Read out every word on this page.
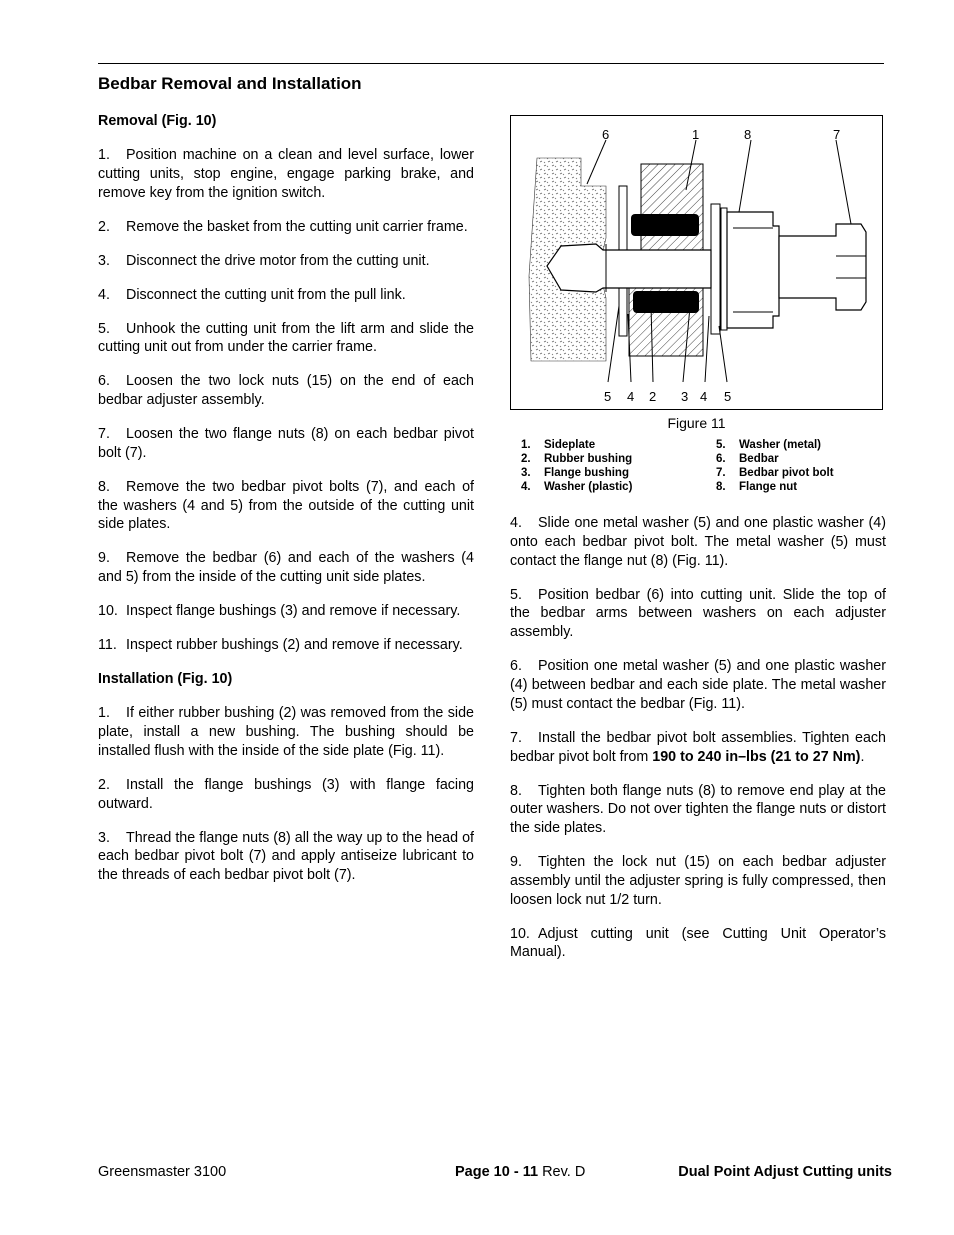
Bedbar Removal and Installation

Removal (Fig. 10)

1. Position machine on a clean and level surface, lower cutting units, stop engine, engage parking brake, and remove key from the ignition switch.

2. Remove the basket from the cutting unit carrier frame.

3. Disconnect the drive motor from the cutting unit.

4. Disconnect the cutting unit from the pull link.

5. Unhook the cutting unit from the lift arm and slide the cutting unit out from under the carrier frame.

6. Loosen the two lock nuts (15) on the end of each bedbar adjuster assembly.

7. Loosen the two flange nuts (8) on each bedbar pivot bolt (7).

8. Remove the two bedbar pivot bolts (7), and each of the washers (4 and 5) from the outside of the cutting unit side plates.

9. Remove the bedbar (6) and each of the washers (4 and 5) from the inside of the cutting unit side plates.

10. Inspect flange bushings (3) and remove if necessary.

11. Inspect rubber bushings (2) and remove if necessary.

Installation (Fig. 10)

1. If either rubber bushing (2) was removed from the side plate, install a new bushing. The bushing should be installed flush with the inside of the side plate (Fig. 11).

2. Install the flange bushings (3) with flange facing outward.

3. Thread the flange nuts (8) all the way up to the head of each bedbar pivot bolt (7) and apply antiseize lubricant to the threads of each bedbar pivot bolt (7).

6	1	8	7
5 4 2 3 4 5
Figure 11
1.	Sideplate
2.	Rubber bushing
3.	Flange bushing
4.	Washer (plastic)
5.	Washer (metal)
6.	Bedbar
7.	Bedbar pivot bolt
8.	Flange nut

4. Slide one metal washer (5) and one plastic washer (4) onto each bedbar pivot bolt. The metal washer (5) must contact the flange nut (8) (Fig. 11).

5. Position bedbar (6) into cutting unit. Slide the top of the bedbar arms between washers on each adjuster assembly.

6. Position one metal washer (5) and one plastic washer (4) between bedbar and each side plate. The metal washer (5) must contact the bedbar (Fig. 11).

7. Install the bedbar pivot bolt assemblies. Tighten each bedbar pivot bolt from 190 to 240 in–lbs (21 to 27 Nm).

8. Tighten both flange nuts (8) to remove end play at the outer washers. Do not over tighten the flange nuts or distort the side plates.

9. Tighten the lock nut (15) on each bedbar adjuster assembly until the adjuster spring is fully compressed, then loosen lock nut 1/2 turn.

10. Adjust cutting unit (see Cutting Unit Operator’s Manual).

Greensmaster 3100	Page 10 - 11 Rev. D	Dual Point Adjust Cutting units
